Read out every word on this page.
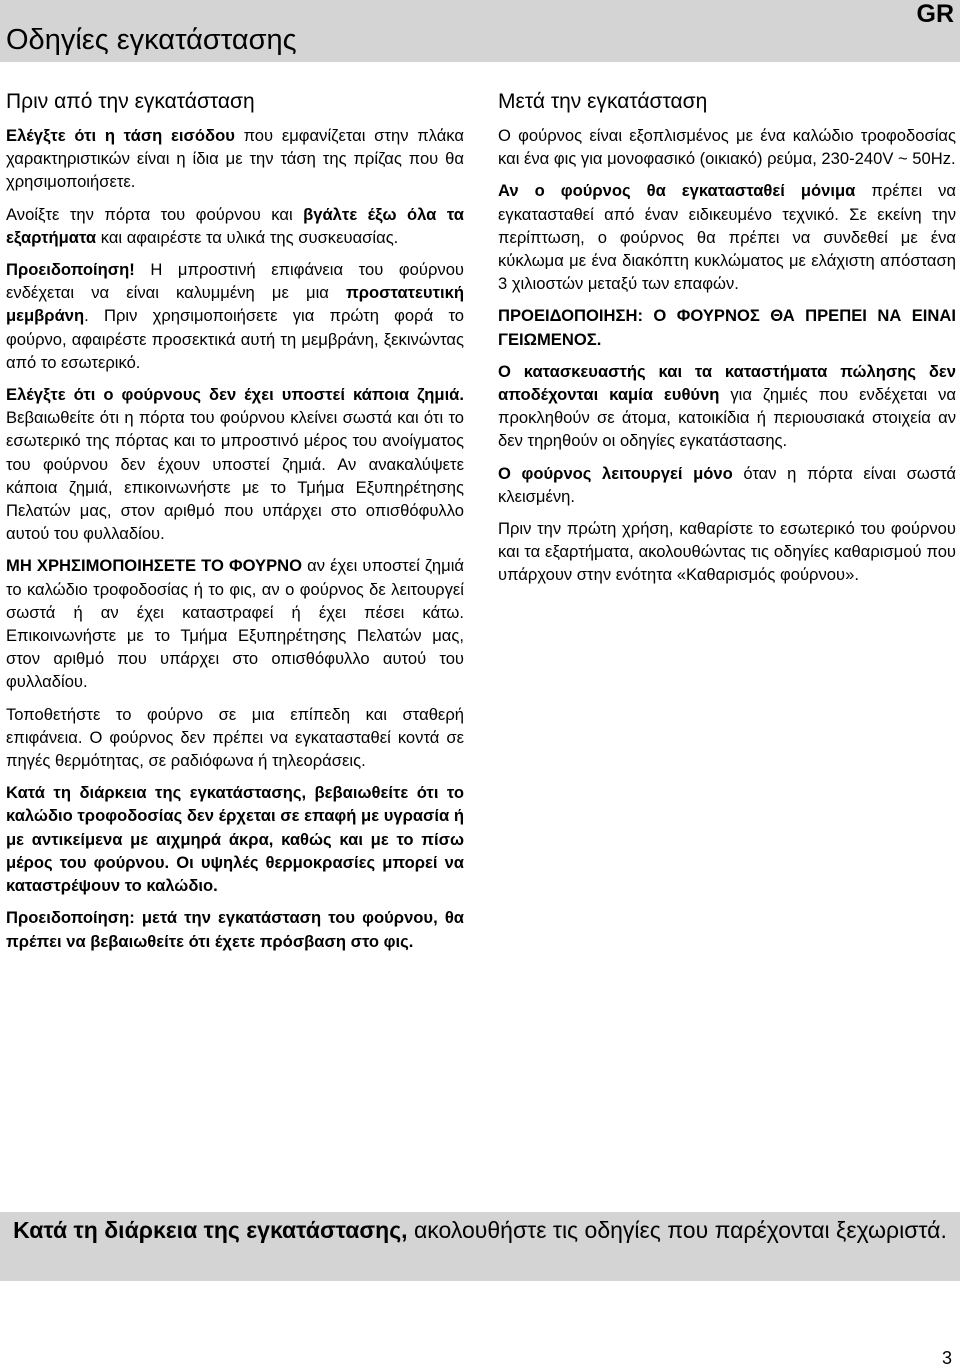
Οδηγίες εγκατάστασης
GR
Πριν από την εγκατάσταση

Ελέγξτε ότι η τάση εισόδου που εμφανίζεται στην πλάκα χαρακτηριστικών είναι η ίδια με την τάση της πρίζας που θα χρησιμοποιήσετε.

Ανοίξτε την πόρτα του φούρνου και βγάλτε έξω όλα τα εξαρτήματα και αφαιρέστε τα υλικά της συσκευασίας.

Προειδοποίηση! Η μπροστινή επιφάνεια του φούρνου ενδέχεται να είναι καλυμμένη με μια προστατευτική μεμβράνη. Πριν χρησιμοποιήσετε για πρώτη φορά το φούρνο, αφαιρέστε προσεκτικά αυτή τη μεμβράνη, ξεκινώντας από το εσωτερικό.

Ελέγξτε ότι ο φούρνους δεν έχει υποστεί κάποια ζημιά. Βεβαιωθείτε ότι η πόρτα του φούρνου κλείνει σωστά και ότι το εσωτερικό της πόρτας και το μπροστινό μέρος του ανοίγματος του φούρνου δεν έχουν υποστεί ζημιά. Αν ανακαλύψετε κάποια ζημιά, επικοινωνήστε με το Τμήμα Εξυπηρέτησης Πελατών μας, στον αριθμό που υπάρχει στο οπισθόφυλλο αυτού του φυλλαδίου.

ΜΗ ΧΡΗΣΙΜΟΠΟΙΗΣΕΤΕ ΤΟ ΦΟΥΡΝΟ αν έχει υποστεί ζημιά το καλώδιο τροφοδοσίας ή το φις, αν ο φούρνος δε λειτουργεί σωστά ή αν έχει καταστραφεί ή έχει πέσει κάτω. Επικοινωνήστε με το Τμήμα Εξυπηρέτησης Πελατών μας, στον αριθμό που υπάρχει στο οπισθόφυλλο αυτού του φυλλαδίου.

Τοποθετήστε το φούρνο σε μια επίπεδη και σταθερή επιφάνεια. Ο φούρνος δεν πρέπει να εγκατασταθεί κοντά σε πηγές θερμότητας, σε ραδιόφωνα ή τηλεοράσεις.

Κατά τη διάρκεια της εγκατάστασης, βεβαιωθείτε ότι το καλώδιο τροφοδοσίας δεν έρχεται σε επαφή με υγρασία ή με αντικείμενα με αιχμηρά άκρα, καθώς και με το πίσω μέρος του φούρνου. Οι υψηλές θερμοκρασίες μπορεί να καταστρέψουν το καλώδιο.

Προειδοποίηση: μετά την εγκατάσταση του φούρνου, θα πρέπει να βεβαιωθείτε ότι έχετε πρόσβαση στο φις.

Μετά την εγκατάσταση

Ο φούρνος είναι εξοπλισμένος με ένα καλώδιο τροφοδοσίας και ένα φις για μονοφασικό (οικιακό) ρεύμα, 230-240V ~ 50Hz.

Αν ο φούρνος θα εγκατασταθεί μόνιμα πρέπει να εγκατασταθεί από έναν ειδικευμένο τεχνικό. Σε εκείνη την περίπτωση, ο φούρνος θα πρέπει να συνδεθεί με ένα κύκλωμα με ένα διακόπτη κυκλώματος με ελάχιστη απόσταση 3 χιλιοστών μεταξύ των επαφών.

ΠΡΟΕΙΔΟΠΟΙΗΣΗ: Ο ΦΟΥΡΝΟΣ ΘΑ ΠΡΕΠΕΙ ΝΑ ΕΙΝΑΙ ΓΕΙΩΜΕΝΟΣ.

Ο κατασκευαστής και τα καταστήματα πώλησης δεν αποδέχονται καμία ευθύνη για ζημιές που ενδέχεται να προκληθούν σε άτομα, κατοικίδια ή περιουσιακά στοιχεία αν δεν τηρηθούν οι οδηγίες εγκατάστασης.

Ο φούρνος λειτουργεί μόνο όταν η πόρτα είναι σωστά κλεισμένη.

Πριν την πρώτη χρήση, καθαρίστε το εσωτερικό του φούρνου και τα εξαρτήματα, ακολουθώντας τις οδηγίες καθαρισμού που υπάρχουν στην ενότητα «Καθαρισμός φούρνου».

Κατά τη διάρκεια της εγκατάστασης, ακολουθήστε τις οδηγίες που παρέχονται ξεχωριστά.
3
